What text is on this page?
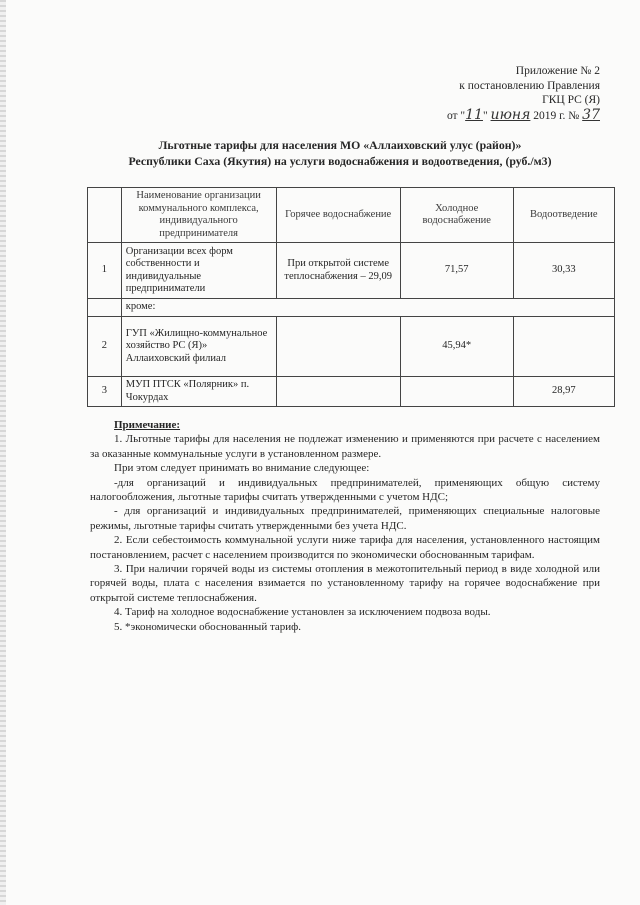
Приложение № 2
к постановлению Правления
ГКЦ РС (Я)
от "11" июня 2019 г. № 37
Льготные тарифы для населения МО «Аллаиховский улус (район)»
Республики Саха (Якутия) на услуги водоснабжения и водоотведения, (руб./м3)
	Наименование организации коммунального комплекса, индивидуального предпринимателя	Горячее водоснабжение	Холодное водоснабжение	Водоотведение
1	Организации всех форм собственности и индивидуальные предприниматели	При открытой системе теплоснабжения – 29,09	71,57	30,33
	кроме:			
2	ГУП «Жилищно-коммунальное хозяйство РС (Я)» Аллаиховский филиал		45,94*	
3	МУП ПТСК «Полярник» п. Чокурдах			28,97

Примечание:

1. Льготные тарифы для населения не подлежат изменению и применяются при расчете с населением за оказанные коммунальные услуги в установленном размере.

При этом следует принимать во внимание следующее:

-для организаций и индивидуальных предпринимателей, применяющих общую систему налогообложения, льготные тарифы считать утвержденными с учетом НДС;

- для организаций и индивидуальных предпринимателей, применяющих специальные налоговые режимы, льготные тарифы считать утвержденными без учета НДС.

2. Если себестоимость коммунальной услуги ниже тарифа для населения, установленного настоящим постановлением, расчет с населением производится по экономически обоснованным тарифам.

3. При наличии горячей воды из системы отопления в межотопительный период в виде холодной или горячей воды, плата с населения взимается по установленному тарифу на горячее водоснабжение при открытой системе теплоснабжения.

4. Тариф на холодное водоснабжение установлен за исключением подвоза воды.

5. *экономически обоснованный тариф.
